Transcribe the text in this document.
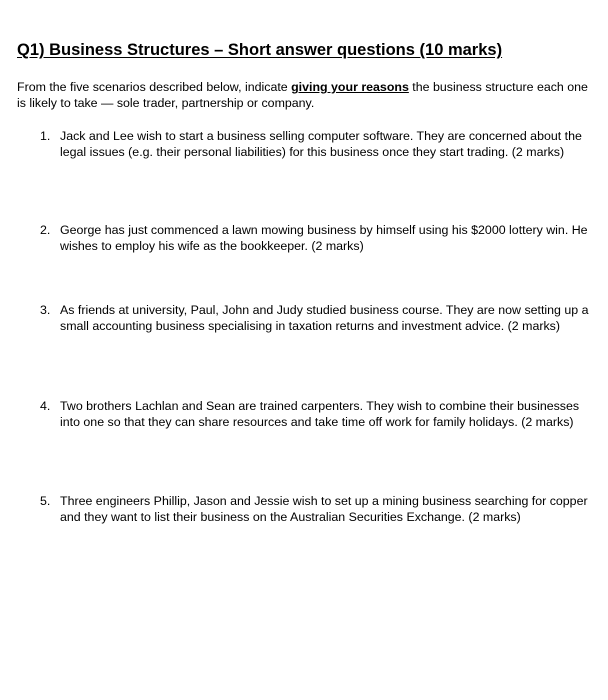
Q1) Business Structures – Short answer questions (10 marks)

From the five scenarios described below, indicate giving your reasons the business structure each one is likely to take — sole trader, partnership or company.

1. Jack and Lee wish to start a business selling computer software. They are concerned about the legal issues (e.g. their personal liabilities) for this business once they start trading. (2 marks)
2. George has just commenced a lawn mowing business by himself using his $2000 lottery win. He wishes to employ his wife as the bookkeeper. (2 marks)
3. As friends at university, Paul, John and Judy studied business course. They are now setting up a small accounting business specialising in taxation returns and investment advice. (2 marks)
4. Two brothers Lachlan and Sean are trained carpenters. They wish to combine their businesses into one so that they can share resources and take time off work for family holidays. (2 marks)
5. Three engineers Phillip, Jason and Jessie wish to set up a mining business searching for copper and they want to list their business on the Australian Securities Exchange. (2 marks)
